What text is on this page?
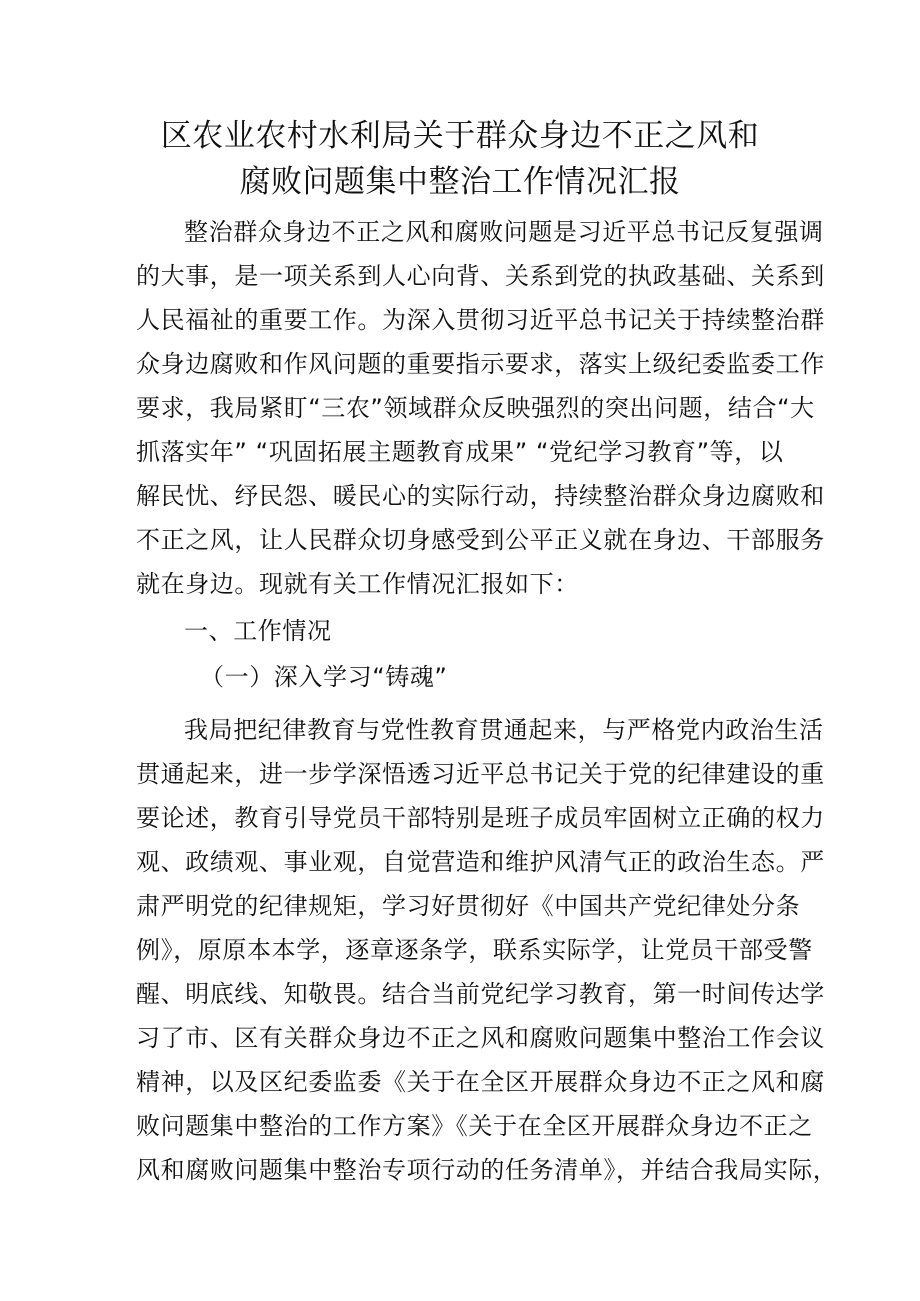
区农业农村水利局关于群众身边不正之风和
腐败问题集中整治工作情况汇报
整治群众身边不正之风和腐败问题是习近平总书记反复强调
的大事，是一项关系到人心向背、关系到党的执政基础、关系到
人民福祉的重要工作。为深入贯彻习近平总书记关于持续整治群
众身边腐败和作风问题的重要指示要求，落实上级纪委监委工作
要求，我局紧盯“三农”领域群众反映强烈的突出问题，结合“大
抓落实年” “巩固拓展主题教育成果” “党纪学习教育”等，以
解民忧、纾民怨、暖民心的实际行动，持续整治群众身边腐败和
不正之风，让人民群众切身感受到公平正义就在身边、干部服务
就在身边。现就有关工作情况汇报如下：
一、工作情况
（一）深入学习“铸魂”
我局把纪律教育与党性教育贯通起来，与严格党内政治生活
贯通起来，进一步学深悟透习近平总书记关于党的纪律建设的重
要论述，教育引导党员干部特别是班子成员牢固树立正确的权力
观、政绩观、事业观，自觉营造和维护风清气正的政治生态。严
肃严明党的纪律规矩，学习好贯彻好《中国共产党纪律处分条
例》，原原本本学，逐章逐条学，联系实际学，让党员干部受警
醒、明底线、知敬畏。结合当前党纪学习教育，第一时间传达学
习了市、区有关群众身边不正之风和腐败问题集中整治工作会议
精神，以及区纪委监委《关于在全区开展群众身边不正之风和腐
败问题集中整治的工作方案》《关于在全区开展群众身边不正之
风和腐败问题集中整治专项行动的任务清单》，并结合我局实际，
